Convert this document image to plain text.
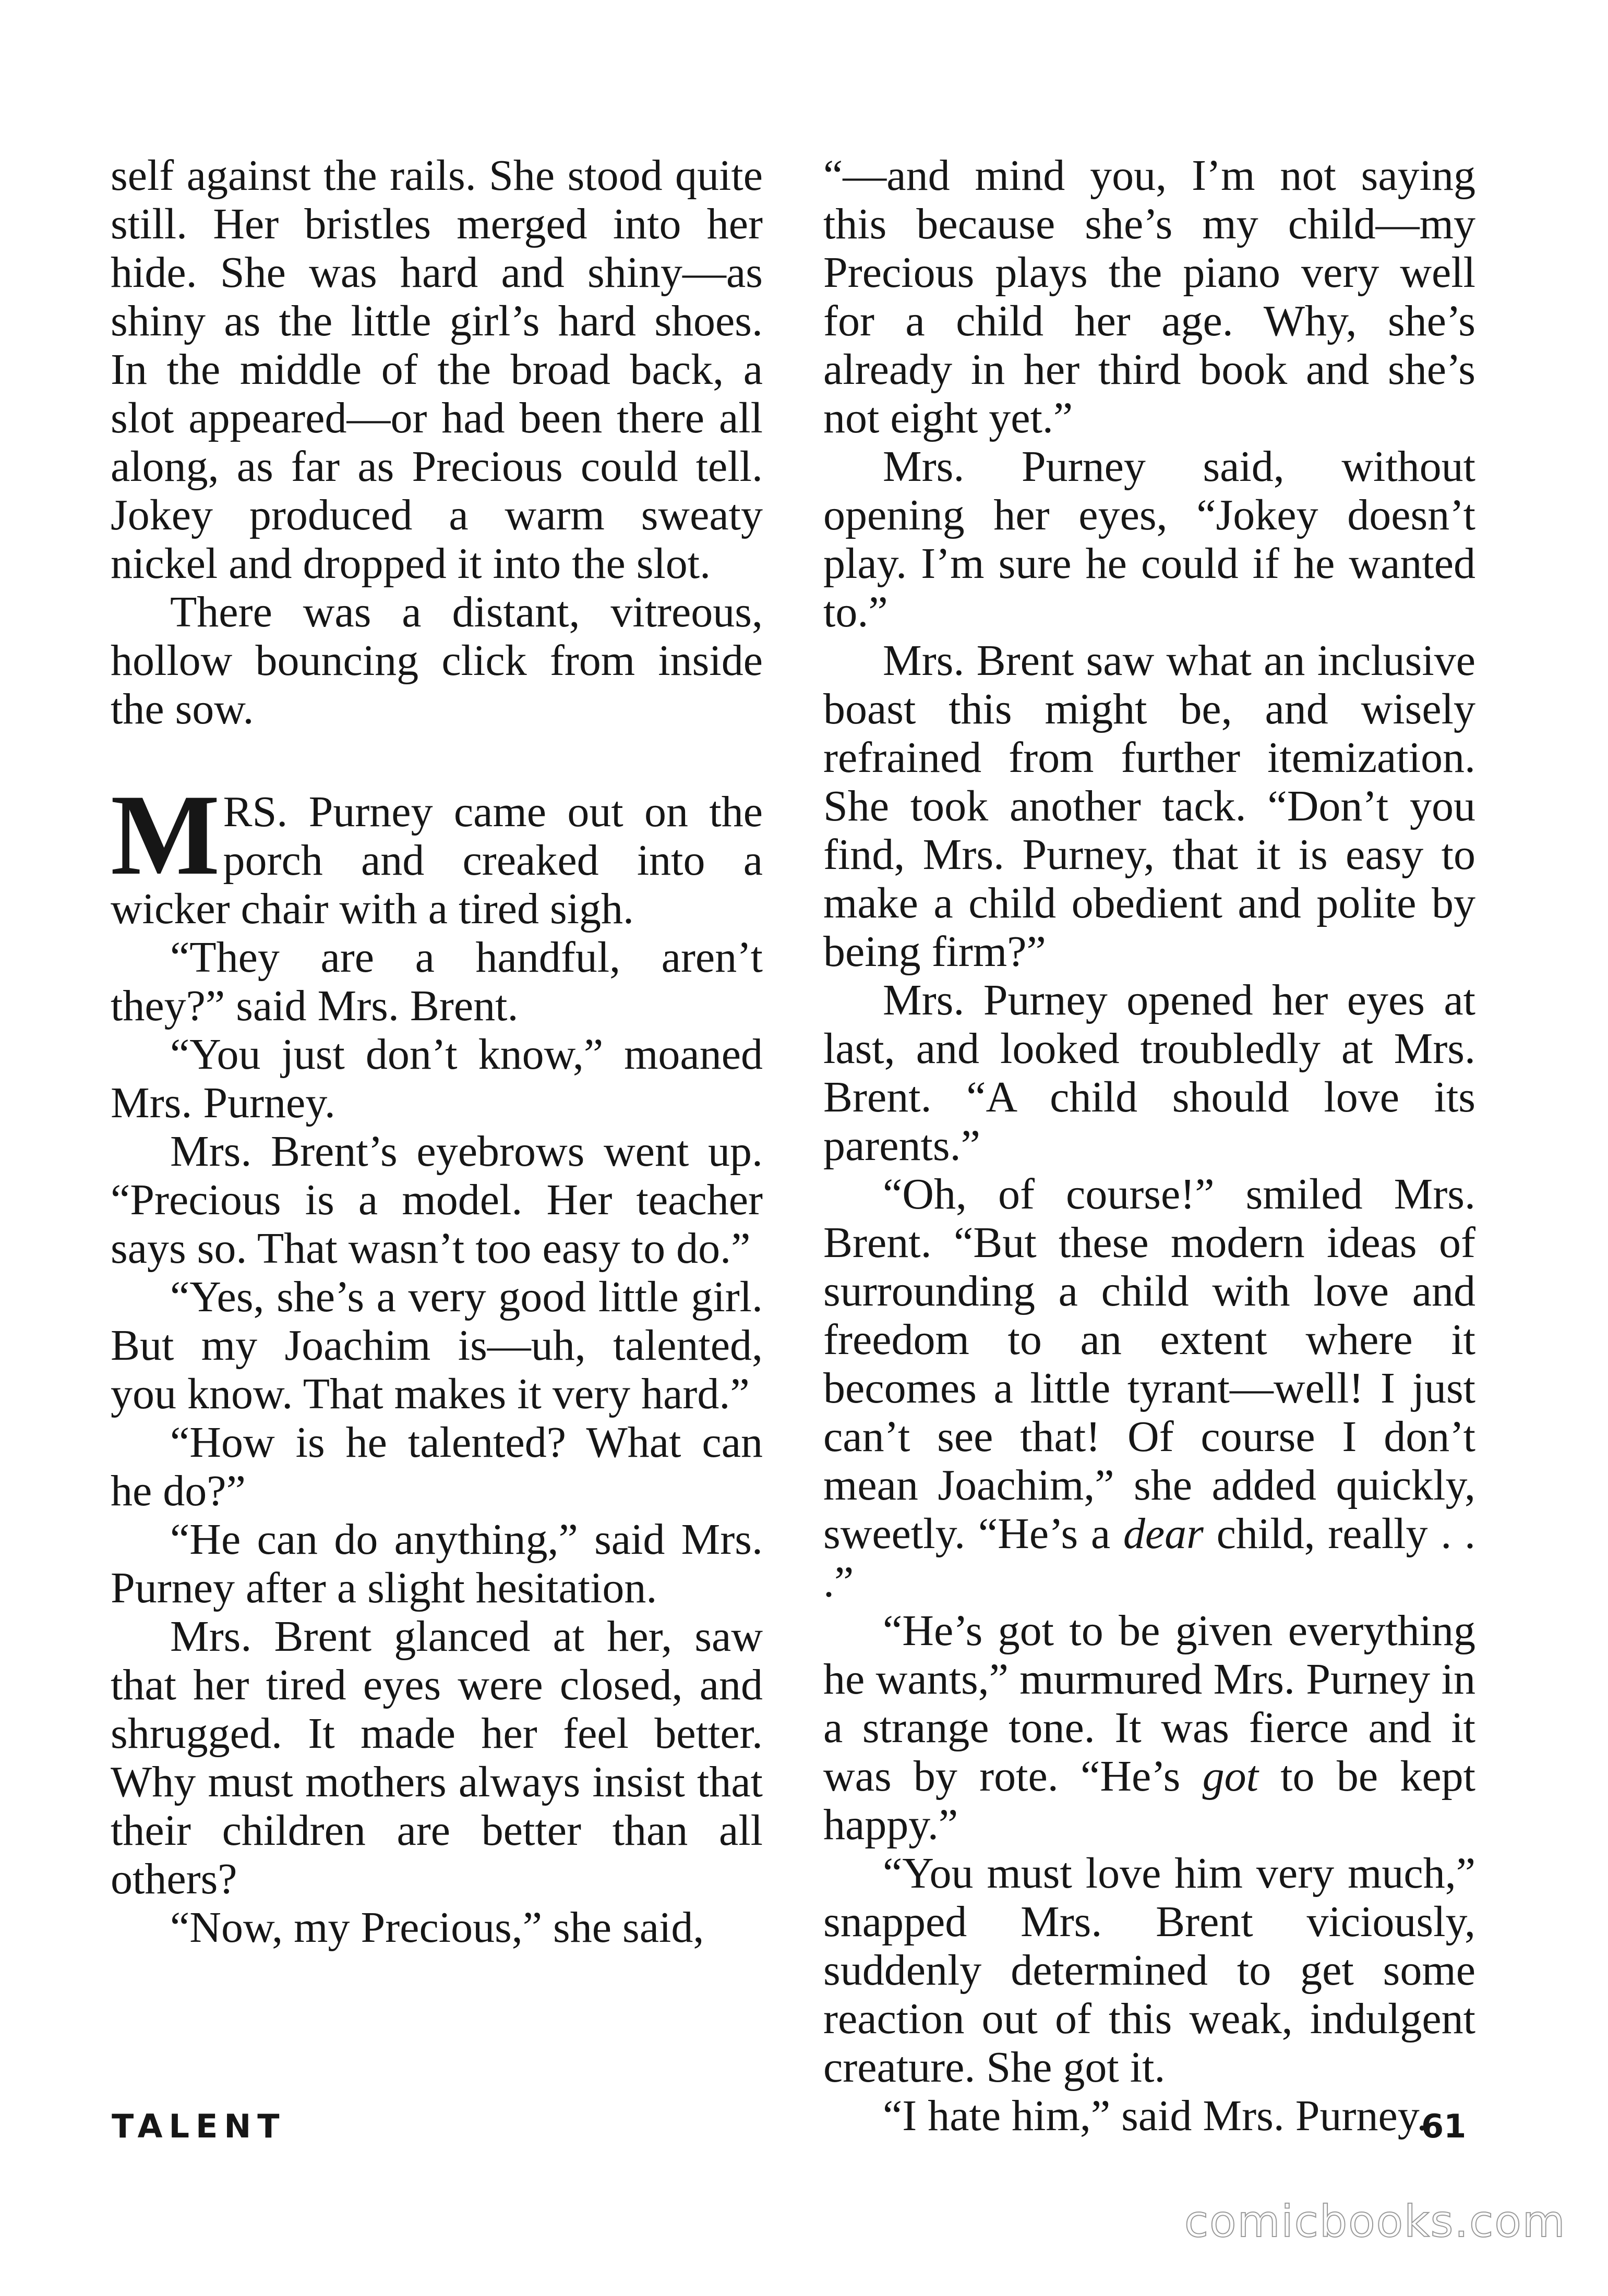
self against the rails. She stood quite still. Her bristles merged into her hide. She was hard and shiny—as shiny as the little girl’s hard shoes. In the middle of the broad back, a slot appeared—or had been there all along, as far as Precious could tell. Jokey produced a warm sweaty nickel and dropped it into the slot.

There was a distant, vitreous, hollow bouncing click from inside the sow.

MRS. Purney came out on the porch and creaked into a wicker chair with a tired sigh.

“They are a handful, aren’t they?” said Mrs. Brent.

“You just don’t know,” moaned Mrs. Purney.

Mrs. Brent’s eyebrows went up. “Precious is a model. Her teacher says so. That wasn’t too easy to do.”

“Yes, she’s a very good little girl. But my Joachim is—uh, talented, you know. That makes it very hard.”

“How is he talented? What can he do?”

“He can do anything,” said Mrs. Purney after a slight hesitation.

Mrs. Brent glanced at her, saw that her tired eyes were closed, and shrugged. It made her feel better. Why must mothers always insist that their children are better than all others?

“Now, my Precious,” she said,

“—and mind you, I’m not saying this because she’s my child—my Precious plays the piano very well for a child her age. Why, she’s already in her third book and she’s not eight yet.”

Mrs. Purney said, without opening her eyes, “Jokey doesn’t play. I’m sure he could if he wanted to.”

Mrs. Brent saw what an inclusive boast this might be, and wisely refrained from further itemization. She took another tack. “Don’t you find, Mrs. Purney, that it is easy to make a child obedient and polite by being firm?”

Mrs. Purney opened her eyes at last, and looked troubledly at Mrs. Brent. “A child should love its parents.”

“Oh, of course!” smiled Mrs. Brent. “But these modern ideas of surrounding a child with love and freedom to an extent where it becomes a little tyrant—well! I just can’t see that! Of course I don’t mean Joachim,” she added quickly, sweetly. “He’s a dear child, really . . .”

“He’s got to be given everything he wants,” murmured Mrs. Purney in a strange tone. It was fierce and it was by rote. “He’s got to be kept happy.”

“You must love him very much,” snapped Mrs. Brent viciously, suddenly determined to get some reaction out of this weak, indulgent creature. She got it.

“I hate him,” said Mrs. Purney.

TALENT	61
comicbooks.com
